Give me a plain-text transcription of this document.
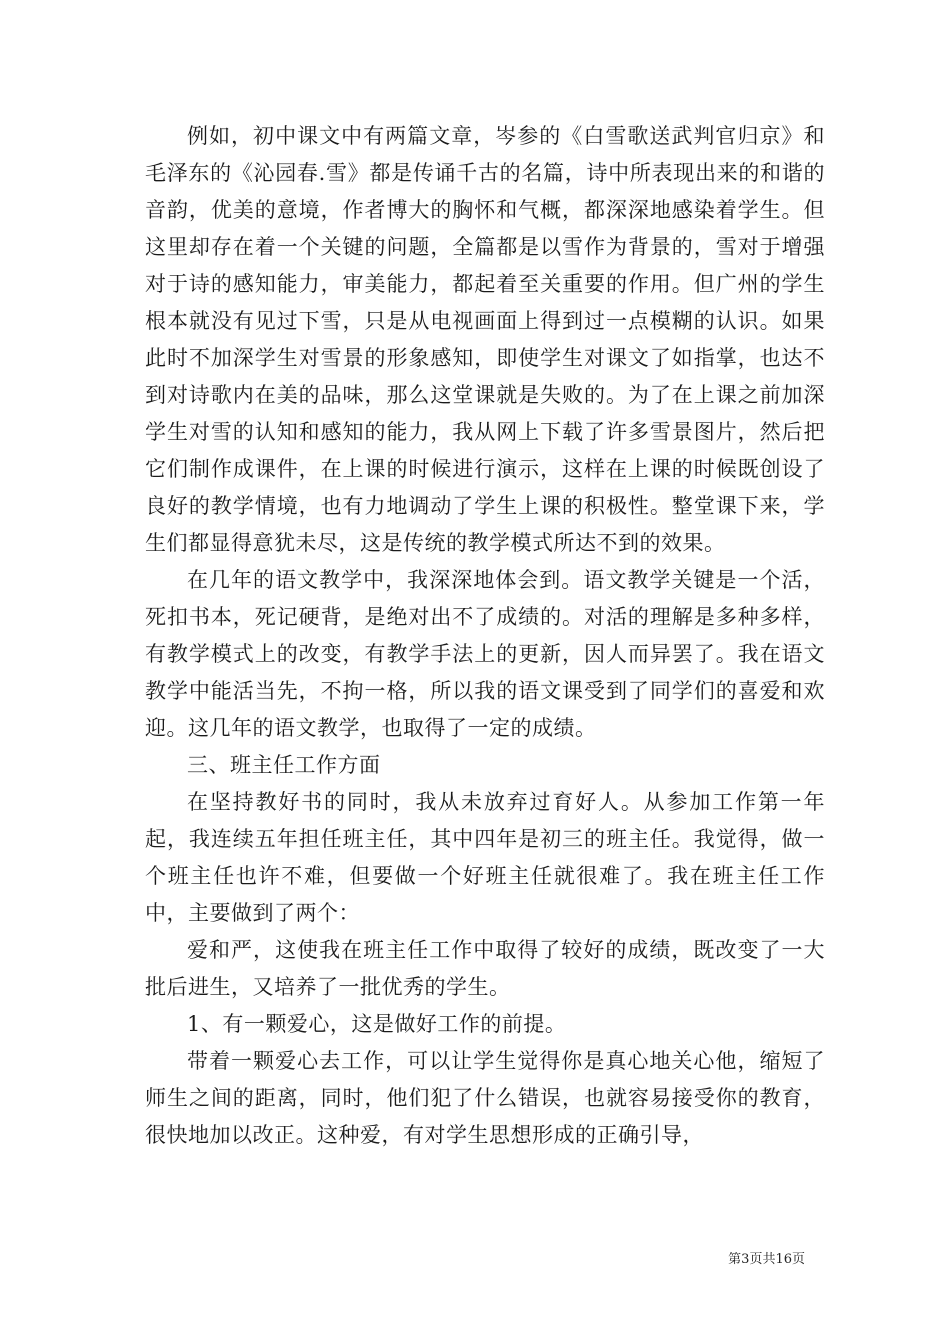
例如，初中课文中有两篇文章，岑参的《白雪歌送武判官归京》和毛泽东的《沁园春.雪》都是传诵千古的名篇，诗中所表现出来的和谐的音韵，优美的意境，作者博大的胸怀和气概，都深深地感染着学生。但这里却存在着一个关键的问题，全篇都是以雪作为背景的，雪对于增强对于诗的感知能力，审美能力，都起着至关重要的作用。但广州的学生根本就没有见过下雪，只是从电视画面上得到过一点模糊的认识。如果此时不加深学生对雪景的形象感知，即使学生对课文了如指掌，也达不到对诗歌内在美的品味，那么这堂课就是失败的。为了在上课之前加深学生对雪的认知和感知的能力，我从网上下载了许多雪景图片，然后把它们制作成课件，在上课的时候进行演示，这样在上课的时候既创设了良好的教学情境，也有力地调动了学生上课的积极性。整堂课下来，学生们都显得意犹未尽，这是传统的教学模式所达不到的效果。

在几年的语文教学中，我深深地体会到。语文教学关键是一个活，死扣书本，死记硬背，是绝对出不了成绩的。对活的理解是多种多样，有教学模式上的改变，有教学手法上的更新，因人而异罢了。我在语文教学中能活当先，不拘一格，所以我的语文课受到了同学们的喜爱和欢迎。这几年的语文教学，也取得了一定的成绩。

三、班主任工作方面

在坚持教好书的同时，我从未放弃过育好人。从参加工作第一年起，我连续五年担任班主任，其中四年是初三的班主任。我觉得，做一个班主任也许不难，但要做一个好班主任就很难了。我在班主任工作中，主要做到了两个：

爱和严，这使我在班主任工作中取得了较好的成绩，既改变了一大批后进生，又培养了一批优秀的学生。

1、有一颗爱心，这是做好工作的前提。

带着一颗爱心去工作，可以让学生觉得你是真心地关心他，缩短了师生之间的距离，同时，他们犯了什么错误，也就容易接受你的教育，很快地加以改正。这种爱，有对学生思想形成的正确引导，

第3页共16页
